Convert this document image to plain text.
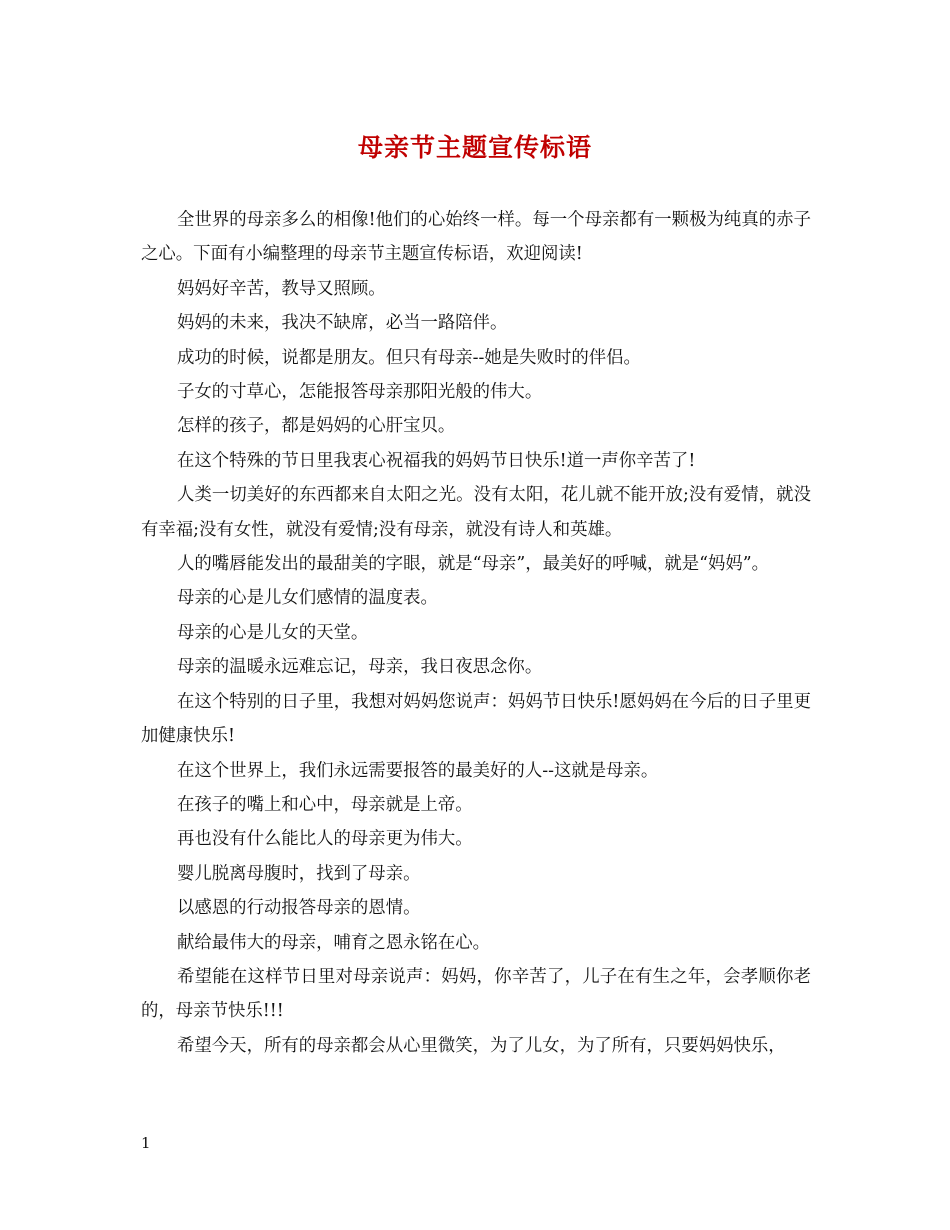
母亲节主题宣传标语

全世界的母亲多么的相像!他们的心始终一样。每一个母亲都有一颗极为纯真的赤子之心。下面有小编整理的母亲节主题宣传标语，欢迎阅读!

妈妈好辛苦，教导又照顾。

妈妈的未来，我决不缺席，必当一路陪伴。

成功的时候，说都是朋友。但只有母亲--她是失败时的伴侣。

子女的寸草心，怎能报答母亲那阳光般的伟大。

怎样的孩子，都是妈妈的心肝宝贝。

在这个特殊的节日里我衷心祝福我的妈妈节日快乐!道一声你辛苦了!

人类一切美好的东西都来自太阳之光。没有太阳，花儿就不能开放;没有爱情，就没有幸福;没有女性，就没有爱情;没有母亲，就没有诗人和英雄。

人的嘴唇能发出的最甜美的字眼，就是“母亲”，最美好的呼喊，就是“妈妈”。

母亲的心是儿女们感情的温度表。

母亲的心是儿女的天堂。

母亲的温暖永远难忘记，母亲，我日夜思念你。

在这个特别的日子里，我想对妈妈您说声：妈妈节日快乐!愿妈妈在今后的日子里更加健康快乐!

在这个世界上，我们永远需要报答的最美好的人--这就是母亲。

在孩子的嘴上和心中，母亲就是上帝。

再也没有什么能比人的母亲更为伟大。

婴儿脱离母腹时，找到了母亲。

以感恩的行动报答母亲的恩情。

献给最伟大的母亲，哺育之恩永铭在心。

希望能在这样节日里对母亲说声：妈妈，你辛苦了，儿子在有生之年，会孝顺你老的，母亲节快乐!!!

希望今天，所有的母亲都会从心里微笑，为了儿女，为了所有，只要妈妈快乐，

1
